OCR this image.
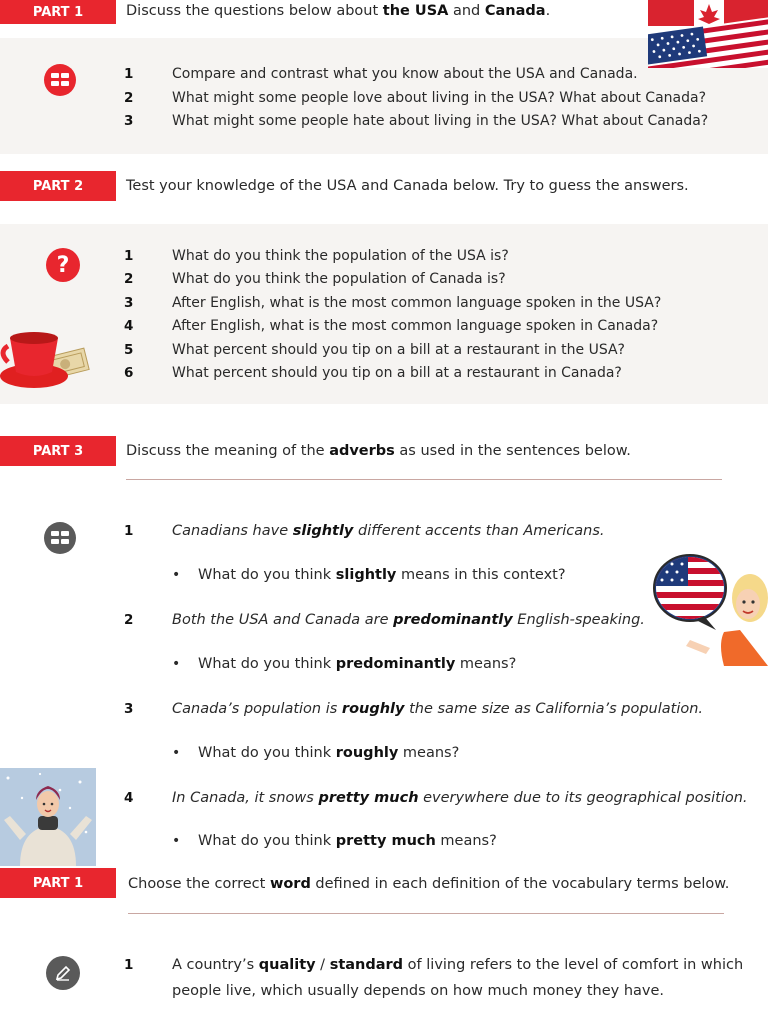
PART 1	Discuss the questions below about the USA and Canada.
1	Compare and contrast what you know about the USA and Canada.
2	What might some people love about living in the USA? What about Canada?
3	What might some people hate about living in the USA? What about Canada?
PART 2	Test your knowledge of the USA and Canada below. Try to guess the answers.
?	1	What do you think the population of the USA is?
2	What do you think the population of Canada is?
3	After English, what is the most common language spoken in the USA?
4	After English, what is the most common language spoken in Canada?
5	What percent should you tip on a bill at a restaurant in the USA?
6	What percent should you tip on a bill at a restaurant in Canada?
PART 3	Discuss the meaning of the adverbs as used in the sentences below.
1	Canadians have slightly different accents than Americans.
•	What do you think slightly means in this context?
2	Both the USA and Canada are predominantly English-speaking.
•	What do you think predominantly means?
3	Canada’s population is roughly the same size as California’s population.
•	What do you think roughly means?
4	In Canada, it snows pretty much everywhere due to its geographical position.
•	What do you think pretty much means?
PART 1	Choose the correct word defined in each definition of the vocabulary terms below.
1	A country’s quality / standard of living refers to the level of comfort in which
people live, which usually depends on how much money they have.
